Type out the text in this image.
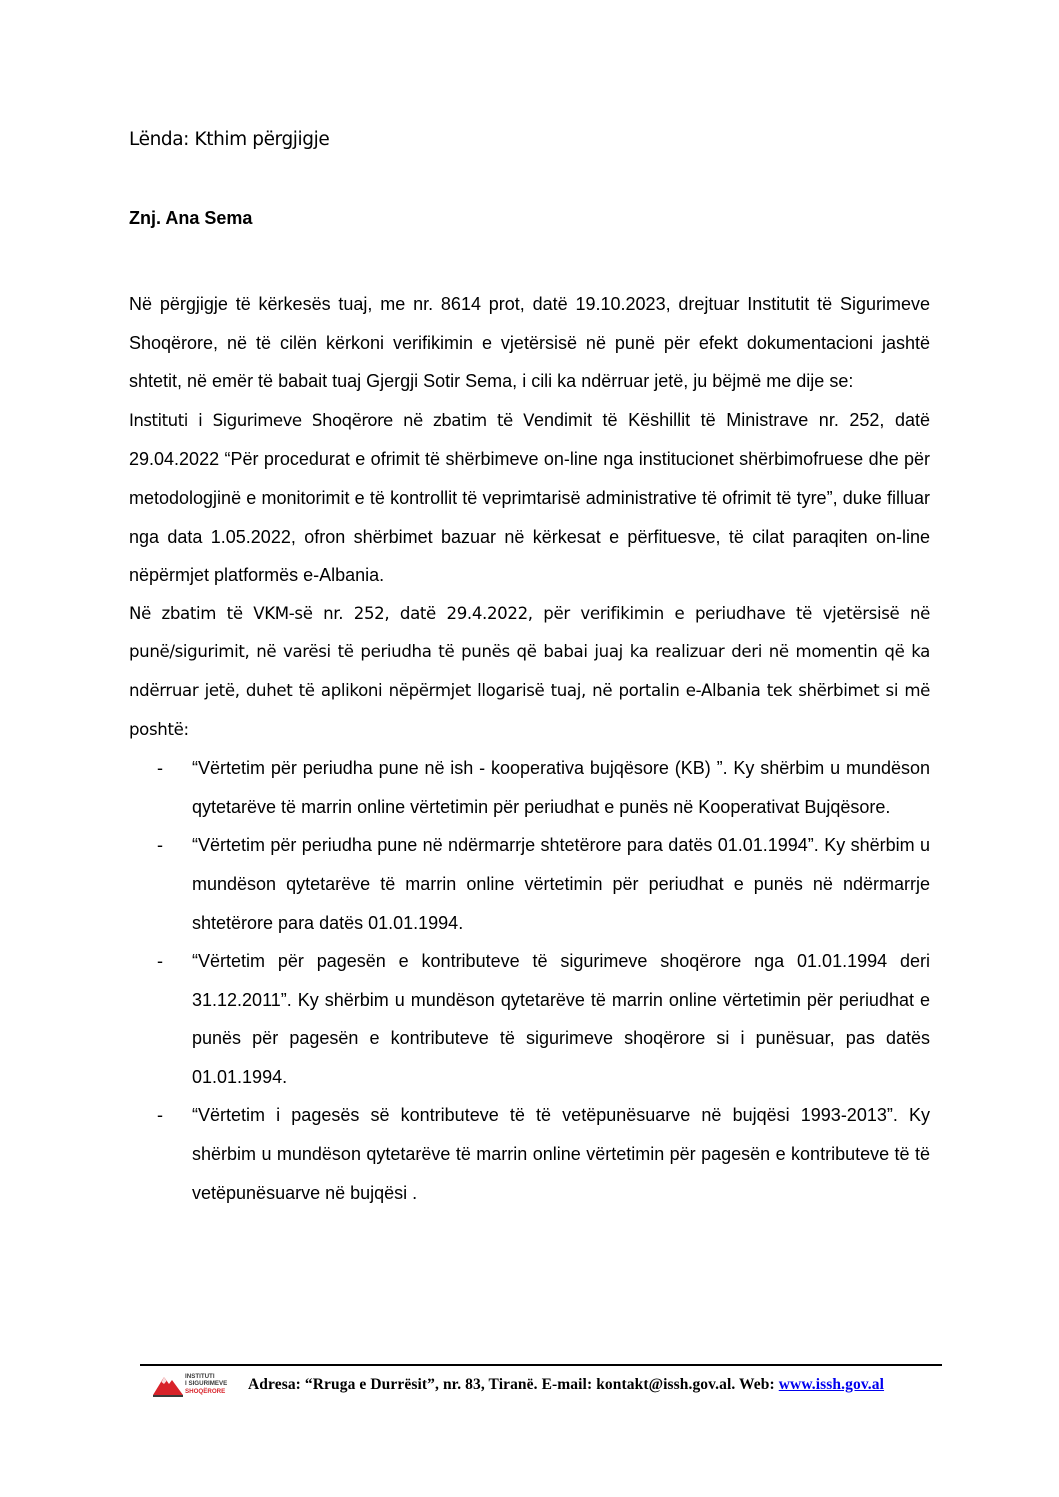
Lënda: Kthim përgjigje
Znj. Ana Sema

Në përgjigje të kërkesës tuaj, me nr. 8614 prot, datë 19.10.2023, drejtuar Institutit të Sigurimeve Shoqërore, në të cilën kërkoni verifikimin e vjetërsisë në punë për efekt dokumentacioni jashtë shtetit, në emër të babait tuaj Gjergji Sotir Sema, i cili ka ndërruar jetë, ju bëjmë me dije se:

Instituti i Sigurimeve Shoqërore në zbatim të Vendimit të Këshillit të Ministrave nr. 252, datë 29.04.2022 “Për procedurat e ofrimit të shërbimeve on-line nga institucionet shërbimofruese dhe për metodologjinë e monitorimit e të kontrollit të veprimtarisë administrative të ofrimit të tyre”, duke filluar nga data 1.05.2022, ofron shërbimet bazuar në kërkesat e përfituesve, të cilat paraqiten on-line nëpërmjet platformës e-Albania.

Në zbatim të VKM-së nr. 252, datë 29.4.2022, për verifikimin e periudhave të vjetërsisë në punë/sigurimit, në varësi të periudha të punës që babai juaj ka realizuar deri në momentin që ka ndërruar jetë, duhet të aplikoni nëpërmjet llogarisë tuaj, në portalin e-Albania tek shërbimet si më poshtë:

- “Vërtetim për periudha pune në ish - kooperativa bujqësore (KB) ”. Ky shërbim u mundëson qytetarëve të marrin online vërtetimin për periudhat e punës në Kooperativat Bujqësore.
- “Vërtetim për periudha pune në ndërmarrje shtetërore para datës 01.01.1994”. Ky shërbim u mundëson qytetarëve të marrin online vërtetimin për periudhat e punës në ndërmarrje shtetërore para datës 01.01.1994.
- “Vërtetim për pagesën e kontributeve të sigurimeve shoqërore nga 01.01.1994 deri 31.12.2011”. Ky shërbim u mundëson qytetarëve të marrin online vërtetimin për periudhat e punës për pagesën e kontributeve të sigurimeve shoqërore si i punësuar, pas datës 01.01.1994.
- “Vërtetim i pagesës së kontributeve të të vetëpunësuarve në bujqësi 1993-2013”. Ky shërbim u mundëson qytetarëve të marrin online vërtetimin për pagesën e kontributeve të të vetëpunësuarve në bujqësi .
INSTITUTI
I SIGURIMEVE
SHOQËRORE Adresa: “Rruga e Durrësit”, nr. 83, Tiranë. E-mail: kontakt@issh.gov.al. Web: www.issh.gov.al
